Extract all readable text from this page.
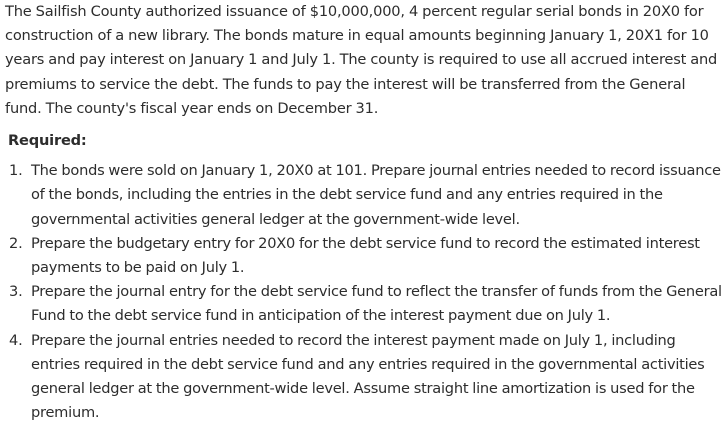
The Sailfish County authorized issuance of $10,000,000, 4 percent regular serial bonds in 20X0 for construction of a new library. The bonds mature in equal amounts beginning January 1, 20X1 for 10 years and pay interest on January 1 and July 1. The county is required to use all accrued interest and premiums to service the debt. The funds to pay the interest will be transferred from the General fund. The county's fiscal year ends on December 31.

Required:
1. The bonds were sold on January 1, 20X0 at 101. Prepare journal entries needed to record issuance of the bonds, including the entries in the debt service fund and any entries required in the governmental activities general ledger at the government-wide level.
2. Prepare the budgetary entry for 20X0 for the debt service fund to record the estimated interest payments to be paid on July 1.
3. Prepare the journal entry for the debt service fund to reflect the transfer of funds from the General Fund to the debt service fund in anticipation of the interest payment due on July 1.
4. Prepare the journal entries needed to record the interest payment made on July 1, including entries required in the debt service fund and any entries required in the governmental activities general ledger at the government-wide level. Assume straight line amortization is used for the premium.
